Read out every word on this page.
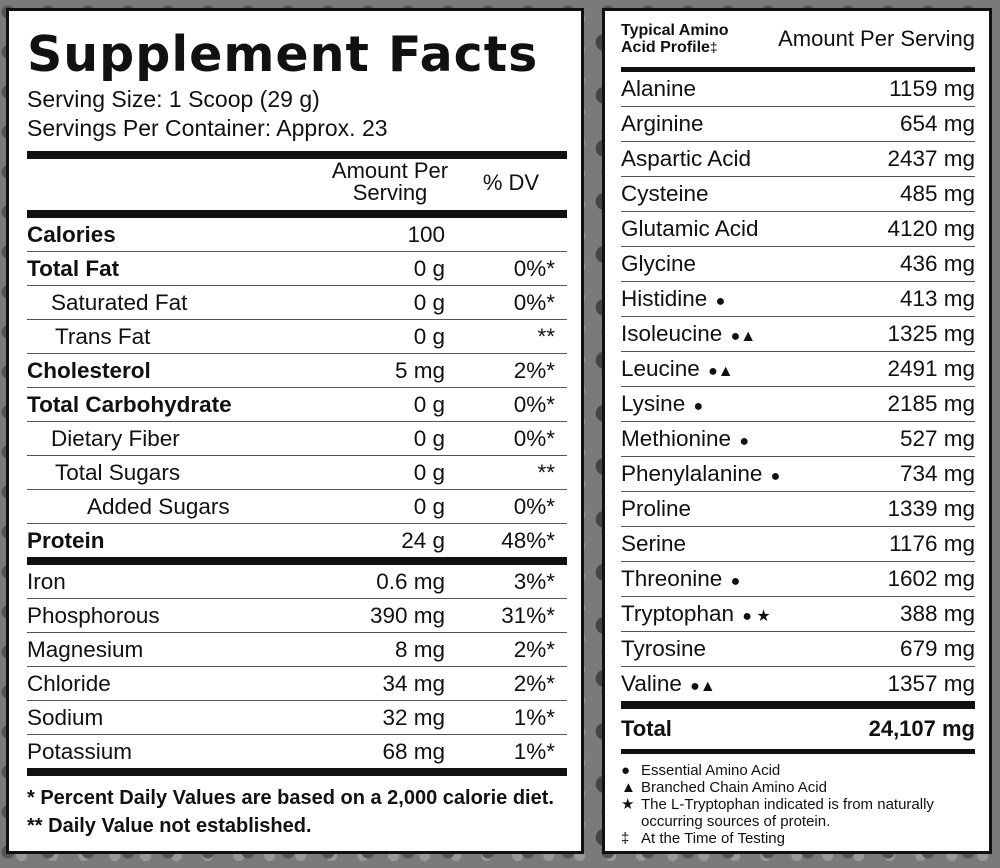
Supplement Facts
Serving Size: 1 Scoop (29 g)
Servings Per Container: Approx. 23
Amount Per
Serving	% DV
Calories	100
Total Fat	0 g	0%*
Saturated Fat	0 g	0%*
Trans Fat	0 g	**
Cholesterol	5 mg	2%*
Total Carbohydrate	0 g	0%*
Dietary Fiber	0 g	0%*
Total Sugars	0 g	**
Added Sugars	0 g	0%*
Protein	24 g	48%*
Iron	0.6 mg	3%*
Phosphorous	390 mg	31%*
Magnesium	8 mg	2%*
Chloride	34 mg	2%*
Sodium	32 mg	1%*
Potassium	68 mg	1%*
* Percent Daily Values are based on a 2,000 calorie diet.
** Daily Value not established.
Typical Amino
Acid Profile‡	Amount Per Serving
Alanine	1159 mg
Arginine	654 mg
Aspartic Acid	2437 mg
Cysteine	485 mg
Glutamic Acid	4120 mg
Glycine	436 mg
Histidine ●	413 mg
Isoleucine ●▲	1325 mg
Leucine ●▲	2491 mg
Lysine ●	2185 mg
Methionine ●	527 mg
Phenylalanine ●	734 mg
Proline	1339 mg
Serine	1176 mg
Threonine ●	1602 mg
Tryptophan ● ★	388 mg
Tyrosine	679 mg
Valine ●▲	1357 mg
Total	24,107 mg
● Essential Amino Acid
▲ Branched Chain Amino Acid
★ The L-Tryptophan indicated is from naturally
occurring sources of protein.
‡ At the Time of Testing
